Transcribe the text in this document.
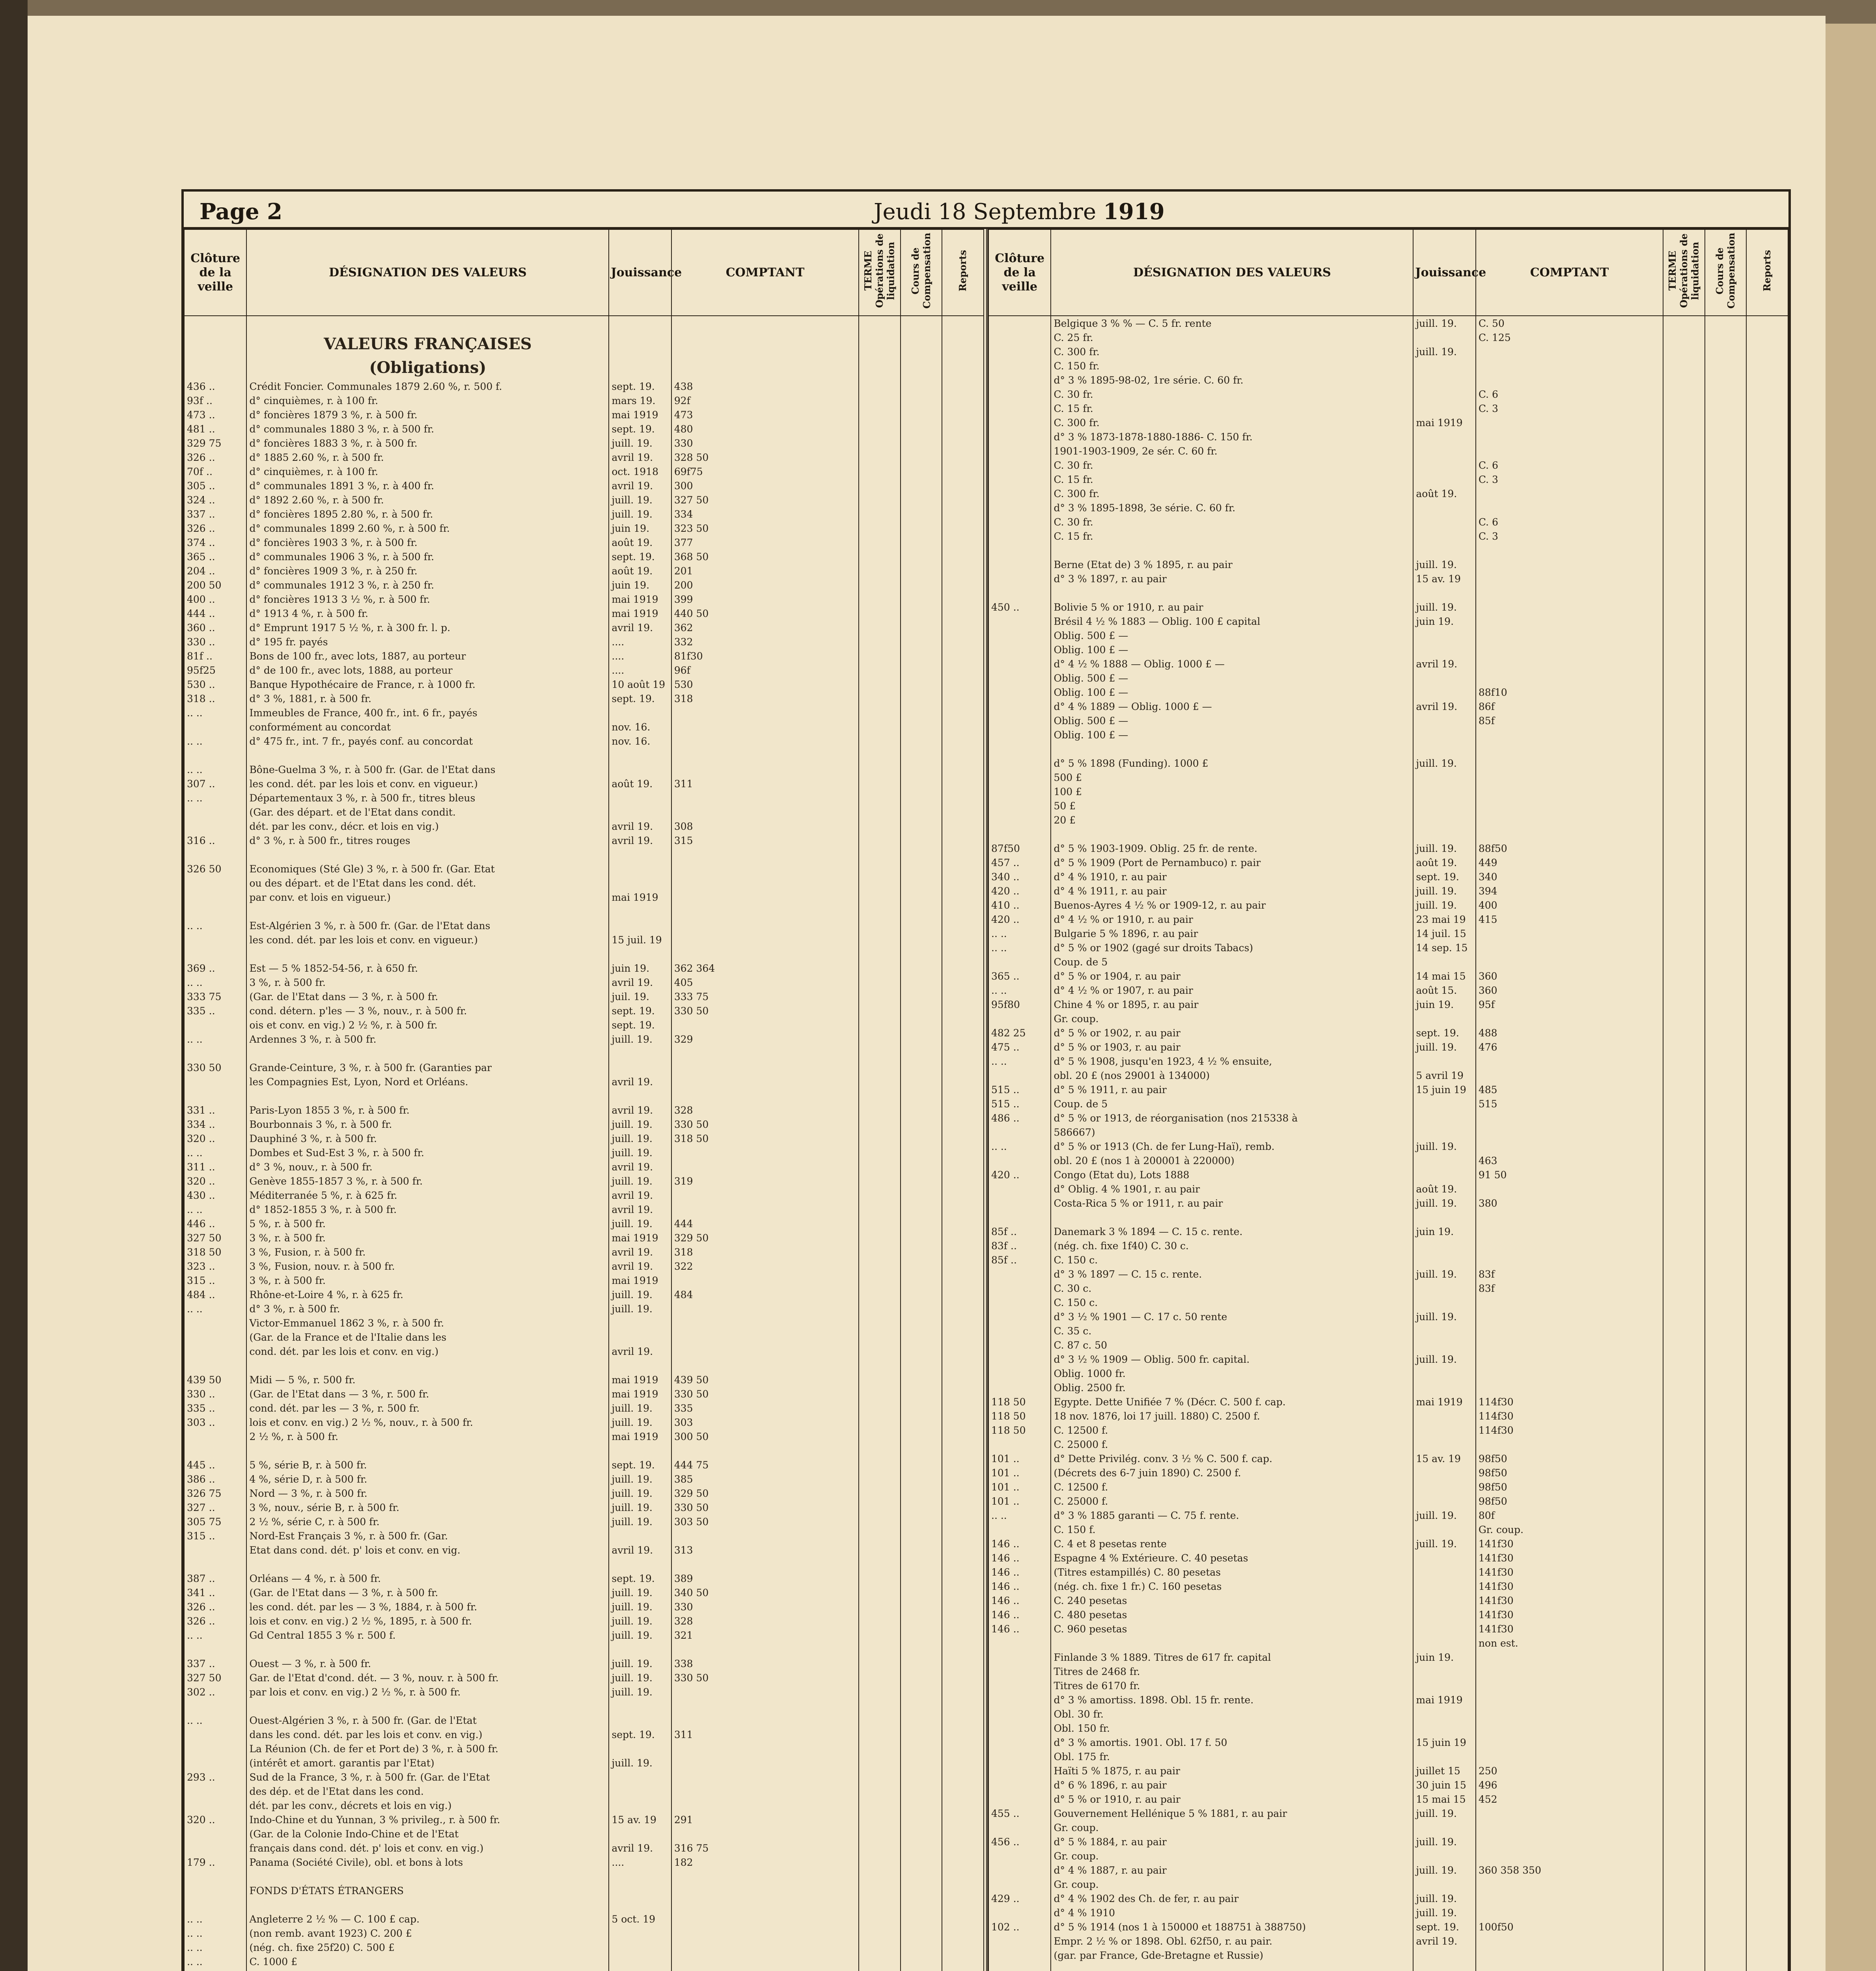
Page 2	Jeudi 18 Septembre 1919
Clôture de la veille	DÉSIGNATION DES VALEURS	Jouissance	COMPTANT	TERME Opérations de liquidation	Cours de Compensation	Reports
	VALEURS FRANÇAISES					
	(Obligations)					
436 ..	Crédit Foncier. Communales 1879 2.60 %, r. 500 f.	sept. 19.	438			
93f ..	d° cinquièmes, r. à 100 fr.	mars 19.	92f			
473 ..	d° foncières 1879 3 %, r. à 500 fr.	mai 1919	473			
481 ..	d° communales 1880 3 %, r. à 500 fr.	sept. 19.	480			
329 75	d° foncières 1883 3 %, r. à 500 fr.	juill. 19.	330			
326 ..	d° 1885 2.60 %, r. à 500 fr.	avril 19.	328 50			
70f ..	d° cinquièmes, r. à 100 fr.	oct. 1918	69f75			
305 ..	d° communales 1891 3 %, r. à 400 fr.	avril 19.	300			
324 ..	d° 1892 2.60 %, r. à 500 fr.	juill. 19.	327 50			
337 ..	d° foncières 1895 2.80 %, r. à 500 fr.	juill. 19.	334			
326 ..	d° communales 1899 2.60 %, r. à 500 fr.	juin 19.	323 50			
374 ..	d° foncières 1903 3 %, r. à 500 fr.	août 19.	377			
365 ..	d° communales 1906 3 %, r. à 500 fr.	sept. 19.	368 50			
204 ..	d° foncières 1909 3 %, r. à 250 fr.	août 19.	201			
200 50	d° communales 1912 3 %, r. à 250 fr.	juin 19.	200			
400 ..	d° foncières 1913 3 ½ %, r. à 500 fr.	mai 1919	399			
444 ..	d° 1913 4 %, r. à 500 fr.	mai 1919	440 50			
360 ..	d° Emprunt 1917 5 ½ %, r. à 300 fr. l. p.	avril 19.	362			
330 ..	d° 195 fr. payés	....	332			
81f ..	Bons de 100 fr., avec lots, 1887, au porteur	....	81f30			
95f25	d° de 100 fr., avec lots, 1888, au porteur	....	96f			
530 ..	Banque Hypothécaire de France, r. à 1000 fr.	10 août 19	530			
318 ..	d° 3 %, 1881, r. à 500 fr.	sept. 19.	318			
.. ..	Immeubles de France, 400 fr., int. 6 fr., payés					
	conformément au concordat	nov. 16.				
.. ..	d° 475 fr., int. 7 fr., payés conf. au concordat	nov. 16.				

.. ..	Bône-Guelma 3 %, r. à 500 fr. (Gar. de l'Etat dans					
307 ..	les cond. dét. par les lois et conv. en vigueur.)	août 19.	311			
.. ..	Départementaux 3 %, r. à 500 fr., titres bleus					
	(Gar. des départ. et de l'Etat dans condit.					
	dét. par les conv., décr. et lois en vig.)	avril 19.	308			
316 ..	d° 3 %, r. à 500 fr., titres rouges	avril 19.	315			

326 50	Economiques (Sté Gle) 3 %, r. à 500 fr. (Gar. Etat					
	ou des départ. et de l'Etat dans les cond. dét.					
	par conv. et lois en vigueur.)	mai 1919				

.. ..	Est-Algérien 3 %, r. à 500 fr. (Gar. de l'Etat dans					
	les cond. dét. par les lois et conv. en vigueur.)	15 juil. 19				

369 ..	Est — 5 % 1852-54-56, r. à 650 fr.	juin 19.	362 364			
.. ..	3 %, r. à 500 fr.	avril 19.	405			
333 75	(Gar. de l'Etat dans — 3 %, r. à 500 fr.	juil. 19.	333 75			
335 ..	cond. détern. p'les — 3 %, nouv., r. à 500 fr.	sept. 19.	330 50			
	ois et conv. en vig.) 2 ½ %, r. à 500 fr.	sept. 19.				
.. ..	Ardennes 3 %, r. à 500 fr.	juill. 19.	329			

330 50	Grande-Ceinture, 3 %, r. à 500 fr. (Garanties par					
	les Compagnies Est, Lyon, Nord et Orléans.	avril 19.				

331 ..	Paris-Lyon 1855 3 %, r. à 500 fr.	avril 19.	328			
334 ..	Bourbonnais 3 %, r. à 500 fr.	juill. 19.	330 50			
320 ..	Dauphiné 3 %, r. à 500 fr.	juill. 19.	318 50			
.. ..	Dombes et Sud-Est 3 %, r. à 500 fr.	juill. 19.				
311 ..	d° 3 %, nouv., r. à 500 fr.	avril 19.				
320 ..	Genève 1855-1857 3 %, r. à 500 fr.	juill. 19.	319			
430 ..	Méditerranée 5 %, r. à 625 fr.	avril 19.				
.. ..	d° 1852-1855 3 %, r. à 500 fr.	avril 19.				
446 ..	5 %, r. à 500 fr.	juill. 19.	444			
327 50	3 %, r. à 500 fr.	mai 1919	329 50			
318 50	3 %, Fusion, r. à 500 fr.	avril 19.	318			
323 ..	3 %, Fusion, nouv. r. à 500 fr.	avril 19.	322			
315 ..	3 %, r. à 500 fr.	mai 1919				
484 ..	Rhône-et-Loire 4 %, r. à 625 fr.	juill. 19.	484			
.. ..	d° 3 %, r. à 500 fr.	juill. 19.				
	Victor-Emmanuel 1862 3 %, r. à 500 fr.					
	(Gar. de la France et de l'Italie dans les					
	cond. dét. par les lois et conv. en vig.)	avril 19.				

439 50	Midi — 5 %, r. 500 fr.	mai 1919	439 50			
330 ..	(Gar. de l'Etat dans — 3 %, r. 500 fr.	mai 1919	330 50			
335 ..	cond. dét. par les — 3 %, r. 500 fr.	juill. 19.	335			
303 ..	lois et conv. en vig.) 2 ½ %, nouv., r. à 500 fr.	juill. 19.	303			
	2 ½ %, r. à 500 fr.	mai 1919	300 50			

445 ..	5 %, série B, r. à 500 fr.	sept. 19.	444 75			
386 ..	4 %, série D, r. à 500 fr.	juill. 19.	385			
326 75	Nord — 3 %, r. à 500 fr.	juill. 19.	329 50			
327 ..	3 %, nouv., série B, r. à 500 fr.	juill. 19.	330 50			
305 75	2 ½ %, série C, r. à 500 fr.	juill. 19.	303 50			
315 ..	Nord-Est Français 3 %, r. à 500 fr. (Gar.					
	Etat dans cond. dét. p' lois et conv. en vig.	avril 19.	313			

387 ..	Orléans — 4 %, r. à 500 fr.	sept. 19.	389			
341 ..	(Gar. de l'Etat dans — 3 %, r. à 500 fr.	juill. 19.	340 50			
326 ..	les cond. dét. par les — 3 %, 1884, r. à 500 fr.	juill. 19.	330			
326 ..	lois et conv. en vig.) 2 ½ %, 1895, r. à 500 fr.	juill. 19.	328			
.. ..	Gd Central 1855 3 % r. 500 f.	juill. 19.	321			

337 ..	Ouest — 3 %, r. à 500 fr.	juill. 19.	338			
327 50	Gar. de l'Etat d'cond. dét. — 3 %, nouv. r. à 500 fr.	juill. 19.	330 50			
302 ..	par lois et conv. en vig.) 2 ½ %, r. à 500 fr.	juill. 19.				

.. ..	Ouest-Algérien 3 %, r. à 500 fr. (Gar. de l'Etat					
	dans les cond. dét. par les lois et conv. en vig.)	sept. 19.	311			
	La Réunion (Ch. de fer et Port de) 3 %, r. à 500 fr.					
	(intérêt et amort. garantis par l'Etat)	juill. 19.				
293 ..	Sud de la France, 3 %, r. à 500 fr. (Gar. de l'Etat					
	des dép. et de l'Etat dans les cond.					
	dét. par les conv., décrets et lois en vig.)					
320 ..	Indo-Chine et du Yunnan, 3 % privileg., r. à 500 fr.	15 av. 19	291			
	(Gar. de la Colonie Indo-Chine et de l'Etat					
	français dans cond. dét. p' lois et conv. en vig.)	avril 19.	316 75			
179 ..	Panama (Société Civile), obl. et bons à lots	....	182			

	FONDS D'ÉTATS ÉTRANGERS					

.. ..	Angleterre 2 ½ % — C. 100 £ cap.	5 oct. 19				
.. ..	(non remb. avant 1923) C. 200 £					
.. ..	(nég. ch. fixe 25f20) C. 500 £					
.. ..	C. 1000 £					

Clôture de la veille	DÉSIGNATION DES VALEURS	Jouissance	COMPTANT	TERME Opérations de liquidation	Cours de Compensation	Reports
	Belgique 3 % % — C. 5 fr. rente	juill. 19.	C. 50			
	C. 25 fr.		C. 125			
	C. 300 fr.	juill. 19.				
	C. 150 fr.					
	d° 3 % 1895-98-02, 1re série. C. 60 fr.					
	C. 30 fr.		C. 6			
	C. 15 fr.		C. 3			
	C. 300 fr.	mai 1919				
	d° 3 % 1873-1878-1880-1886- C. 150 fr.					
	1901-1903-1909, 2e sér. C. 60 fr.					
	C. 30 fr.		C. 6			
	C. 15 fr.		C. 3			
	C. 300 fr.	août 19.				
	d° 3 % 1895-1898, 3e série. C. 60 fr.					
	C. 30 fr.		C. 6			
	C. 15 fr.		C. 3			

	Berne (Etat de) 3 % 1895, r. au pair	juill. 19.				
	d° 3 % 1897, r. au pair	15 av. 19				

450 ..	Bolivie 5 % or 1910, r. au pair	juill. 19.				
	Brésil 4 ½ % 1883 — Oblig. 100 £ capital	juin 19.				
	Oblig. 500 £ —					
	Oblig. 100 £ —					
	d° 4 ½ % 1888 — Oblig. 1000 £ —	avril 19.				
	Oblig. 500 £ —					
	Oblig. 100 £ —		88f10			
	d° 4 % 1889 — Oblig. 1000 £ —	avril 19.	86f			
	Oblig. 500 £ —		85f			
	Oblig. 100 £ —					

	d° 5 % 1898 (Funding). 1000 £	juill. 19.				
	500 £					
	100 £					
	50 £					
	20 £					

87f50	d° 5 % 1903-1909. Oblig. 25 fr. de rente.	juill. 19.	88f50			
457 ..	d° 5 % 1909 (Port de Pernambuco) r. pair	août 19.	449			
340 ..	d° 4 % 1910, r. au pair	sept. 19.	340			
420 ..	d° 4 % 1911, r. au pair	juill. 19.	394			
410 ..	Buenos-Ayres 4 ½ % or 1909-12, r. au pair	juill. 19.	400			
420 ..	d° 4 ½ % or 1910, r. au pair	23 mai 19	415			
.. ..	Bulgarie 5 % 1896, r. au pair	14 juil. 15				
.. ..	d° 5 % or 1902 (gagé sur droits Tabacs)	14 sep. 15				
	Coup. de 5					
365 ..	d° 5 % or 1904, r. au pair	14 mai 15	360			
.. ..	d° 4 ½ % or 1907, r. au pair	août 15.	360			
95f80	Chine 4 % or 1895, r. au pair	juin 19.	95f			
	Gr. coup.					
482 25	d° 5 % or 1902, r. au pair	sept. 19.	488			
475 ..	d° 5 % or 1903, r. au pair	juill. 19.	476			
.. ..	d° 5 % 1908, jusqu'en 1923, 4 ½ % ensuite,					
	obl. 20 £ (nos 29001 à 134000)	5 avril 19				
515 ..	d° 5 % 1911, r. au pair	15 juin 19	485			
515 ..	Coup. de 5		515			
486 ..	d° 5 % or 1913, de réorganisation (nos 215338 à					
	586667)					
.. ..	d° 5 % or 1913 (Ch. de fer Lung-Haï), remb.	juill. 19.				
	obl. 20 £ (nos 1 à 200001 à 220000)		463			
420 ..	Congo (Etat du), Lots 1888		91 50			
	d° Oblig. 4 % 1901, r. au pair	août 19.				
	Costa-Rica 5 % or 1911, r. au pair	juill. 19.	380			

85f ..	Danemark 3 % 1894 — C. 15 c. rente.	juin 19.				
83f ..	(nég. ch. fixe 1f40) C. 30 c.					
85f ..	C. 150 c.					
	d° 3 % 1897 — C. 15 c. rente.	juill. 19.	83f			
	C. 30 c.		83f			
	C. 150 c.					
	d° 3 ½ % 1901 — C. 17 c. 50 rente	juill. 19.				
	C. 35 c.					
	C. 87 c. 50					
	d° 3 ½ % 1909 — Oblig. 500 fr. capital.	juill. 19.				
	Oblig. 1000 fr.					
	Oblig. 2500 fr.					
118 50	Egypte. Dette Unifiée 7 % (Décr. C. 500 f. cap.	mai 1919	114f30			
118 50	18 nov. 1876, loi 17 juill. 1880) C. 2500 f.		114f30			
118 50	C. 12500 f.		114f30			
	C. 25000 f.					
101 ..	d° Dette Privilég. conv. 3 ½ % C. 500 f. cap.	15 av. 19	98f50			
101 ..	(Décrets des 6-7 juin 1890) C. 2500 f.		98f50			
101 ..	C. 12500 f.		98f50			
101 ..	C. 25000 f.		98f50			
.. ..	d° 3 % 1885 garanti — C. 75 f. rente.	juill. 19.	80f			
	C. 150 f.		Gr. coup.			
146 ..	C. 4 et 8 pesetas rente	juill. 19.	141f30			
146 ..	Espagne 4 % Extérieure. C. 40 pesetas		141f30			
146 ..	(Titres estampillés) C. 80 pesetas		141f30			
146 ..	(nég. ch. fixe 1 fr.) C. 160 pesetas		141f30			
146 ..	C. 240 pesetas		141f30			
146 ..	C. 480 pesetas		141f30			
146 ..	C. 960 pesetas		141f30			
			non est.			
	Finlande 3 % 1889. Titres de 617 fr. capital	juin 19.				
	Titres de 2468 fr.					
	Titres de 6170 fr.					
	d° 3 % amortiss. 1898. Obl. 15 fr. rente.	mai 1919				
	Obl. 30 fr.					
	Obl. 150 fr.					
	d° 3 % amortis. 1901. Obl. 17 f. 50	15 juin 19				
	Obl. 175 fr.					
	Haïti 5 % 1875, r. au pair	juillet 15	250			
	d° 6 % 1896, r. au pair	30 juin 15	496			
	d° 5 % or 1910, r. au pair	15 mai 15	452			
455 ..	Gouvernement Hellénique 5 % 1881, r. au pair	juill. 19.				
	Gr. coup.					
456 ..	d° 5 % 1884, r. au pair	juill. 19.				
	Gr. coup.					
	d° 4 % 1887, r. au pair	juill. 19.	360 358 350			
	Gr. coup.					
429 ..	d° 4 % 1902 des Ch. de fer, r. au pair	juill. 19.				
	d° 4 % 1910	juill. 19.				
102 ..	d° 5 % 1914 (nos 1 à 150000 et 188751 à 388750)	sept. 19.	100f50			
	Empr. 2 ½ % or 1898. Obl. 62f50, r. au pair.	avril 19.				
	(gar. par France, Gde-Bretagne et Russie)					
